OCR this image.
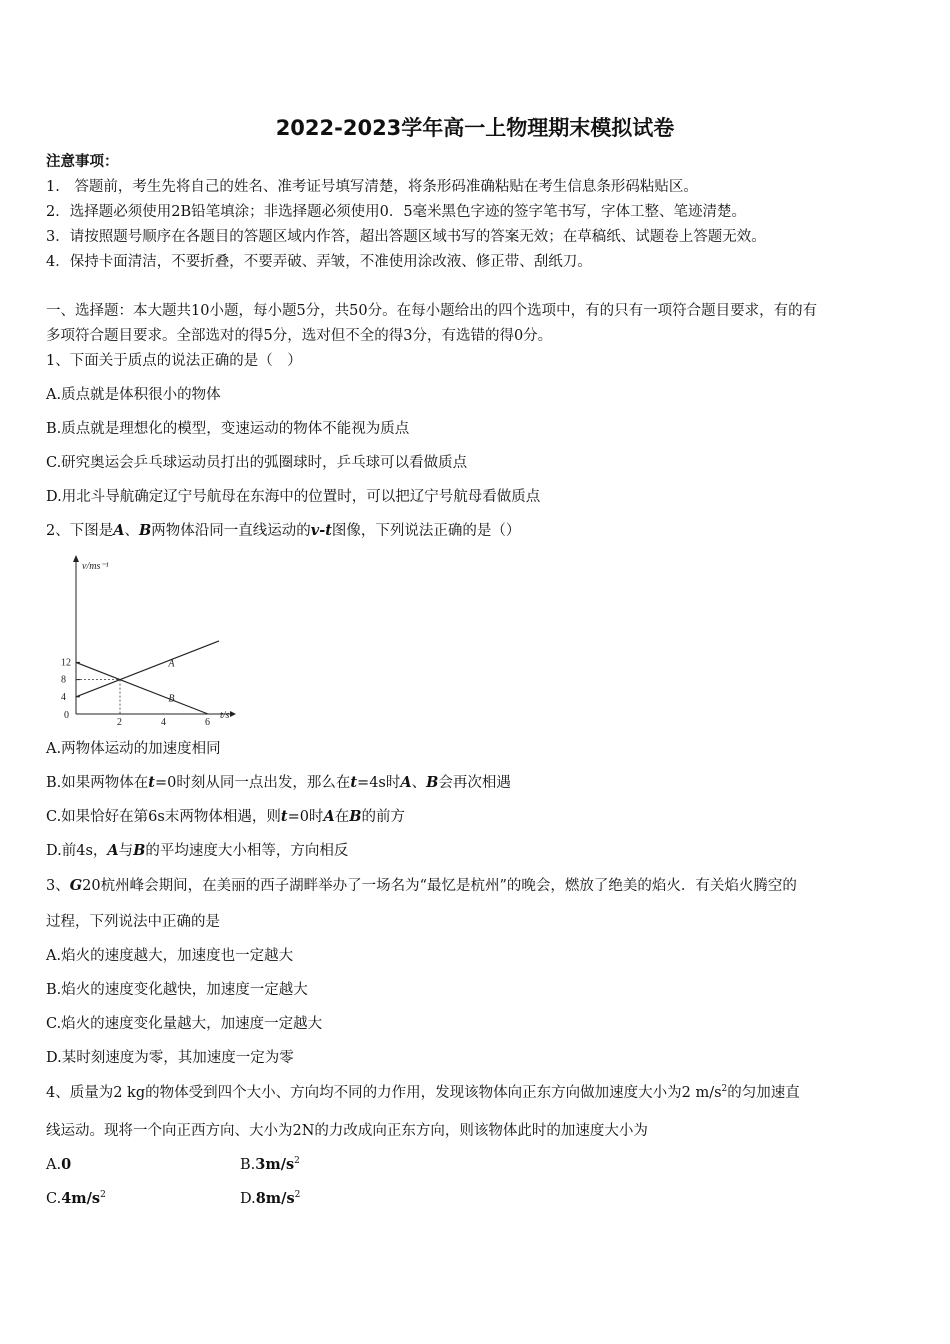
2022-2023学年高一上物理期末模拟试卷
注意事项：
1.　答题前，考生先将自己的姓名、准考证号填写清楚，将条形码准确粘贴在考生信息条形码粘贴区。
2．选择题必须使用2B铅笔填涂；非选择题必须使用0．5毫米黑色字迹的签字笔书写，字体工整、笔迹清楚。
3．请按照题号顺序在各题目的答题区域内作答，超出答题区域书写的答案无效；在草稿纸、试题卷上答题无效。
4．保持卡面清洁，不要折叠，不要弄破、弄皱，不准使用涂改液、修正带、刮纸刀。
一、选择题：本大题共10小题，每小题5分，共50分。在每小题给出的四个选项中，有的只有一项符合题目要求，有的有
多项符合题目要求。全部选对的得5分，选对但不全的得3分，有选错的得0分。
1、下面关于质点的说法正确的是（　）
A.质点就是体积很小的物体
B.质点就是理想化的模型，变速运动的物体不能视为质点
C.研究奥运会乒乓球运动员打出的弧圈球时，乒乓球可以看做质点
D.用北斗导航确定辽宁号航母在东海中的位置时，可以把辽宁号航母看做质点
2、下图是A、B两物体沿同一直线运动的v-t图像，下列说法正确的是（）
v/ms⁻¹
t/s
0
4
8
12
2	4	6
A
B
A.两物体运动的加速度相同
B.如果两物体在t=0时刻从同一点出发，那么在t=4s时A、B会再次相遇
C.如果恰好在第6s末两物体相遇，则t=0时A在B的前方
D.前4s，A与B的平均速度大小相等，方向相反
3、G20杭州峰会期间，在美丽的西子湖畔举办了一场名为“最忆是杭州”的晚会，燃放了绝美的焰火．有关焰火腾空的
过程，下列说法中正确的是
A.焰火的速度越大，加速度也一定越大
B.焰火的速度变化越快，加速度一定越大
C.焰火的速度变化量越大，加速度一定越大
D.某时刻速度为零，其加速度一定为零
4、质量为2 kg的物体受到四个大小、方向均不同的力作用，发现该物体向正东方向做加速度大小为2 $m/s^2$的匀加速直
线运动。现将一个向正西方向、大小为2N的力改成向正东方向，则该物体此时的加速度大小为
A.0	$B.3m/s^2$
$C.4m/s^2$	$D.8m/s^2$
